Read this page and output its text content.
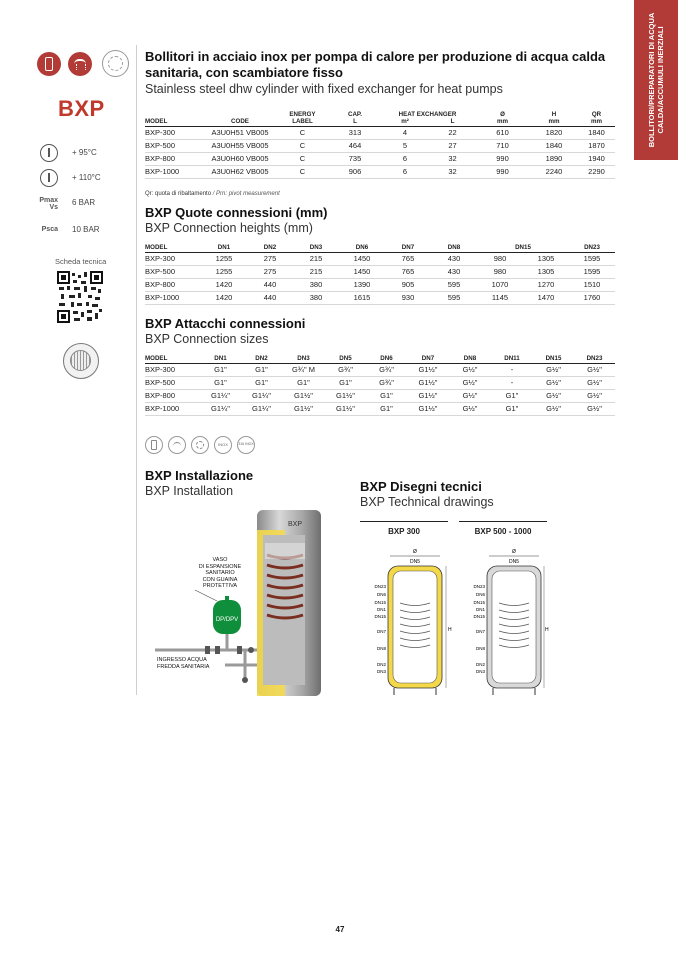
BOLLITORI/PREPARATORI DI ACQUA CALDA/ACCUMULI INERZIALI
BXP
+ 95°C
+ 110°C
Pmax Vs
6 BAR
Psca 10 BAR
Scheda tecnica
Bollitori in acciaio inox per pompa di calore per produzione di acqua calda sanitaria, con scambiatore fisso
Stainless steel dhw cylinder with fixed exchanger for heat pumps
		ENERGY	CAP.	HEAT EXCHANGER		Ø	H	QR
MODEL	CODE	LABEL	L	m²	L	mm	mm	mm
BXP-300	A3U0H51 VB005	C	313	4	22	610	1820	1840
BXP-500	A3U0H55 VB005	C	464	5	27	710	1840	1870
BXP-800	A3U0H60 VB005	C	735	6	32	990	1890	1940
BXP-1000	A3U0H62 VB005	C	906	6	32	990	2240	2290
Qr: quota di ribaltamento / Prn: pivot measurement
BXP Quote connessioni (mm)
BXP Connection heights (mm)
MODEL	DN1	DN2	DN3	DN6	DN7	DN8	DN15		DN23
BXP-300	1255	275	215	1450	765	430	980	1305	1595
BXP-500	1255	275	215	1450	765	430	980	1305	1595
BXP-800	1420	440	380	1390	905	595	1070	1270	1510
BXP-1000	1420	440	380	1615	930	595	1145	1470	1760
BXP Attacchi connessioni
BXP Connection sizes
MODEL	DN1	DN2	DN3	DN5	DN6	DN7	DN8	DN11	DN15	DN23
BXP-300	G1"	G1"	G¾" M	G¾"	G¾"	G1½"	G½"	-	G½"	G½"
BXP-500	G1"	G1"	G1"	G1"	G¾"	G1½"	G½"	-	G½"	G½"
BXP-800	G1¼"	G1¼"	G1½"	G1½"	G1"	G1½"	G½"	G1"	G½"	G½"
BXP-1000	G1¼"	G1¼"	G1½"	G1½"	G1"	G1½"	G½"	G1"	G½"	G½"
INOX	316 INOX
BXP Installazione
BXP Installation
BXP
DP/DPV
VASO
DI ESPANSIONE
SANITARIO
CON GUAINA
PROTETTIVA
INGRESSO ACQUA
FREDDA SANITARIA
BXP Disegni tecnici
BXP Technical drawings
BXP 300	BXP 500 - 1000
Ø
DN5
H
DN23
DN6
DN15
DN1
DN15
DN7
DN8
DN2
DN3
Ø
DN5
H
DN23
DN6
DN15
DN1
DN15
DN7
DN8
DN2
DN3
47
